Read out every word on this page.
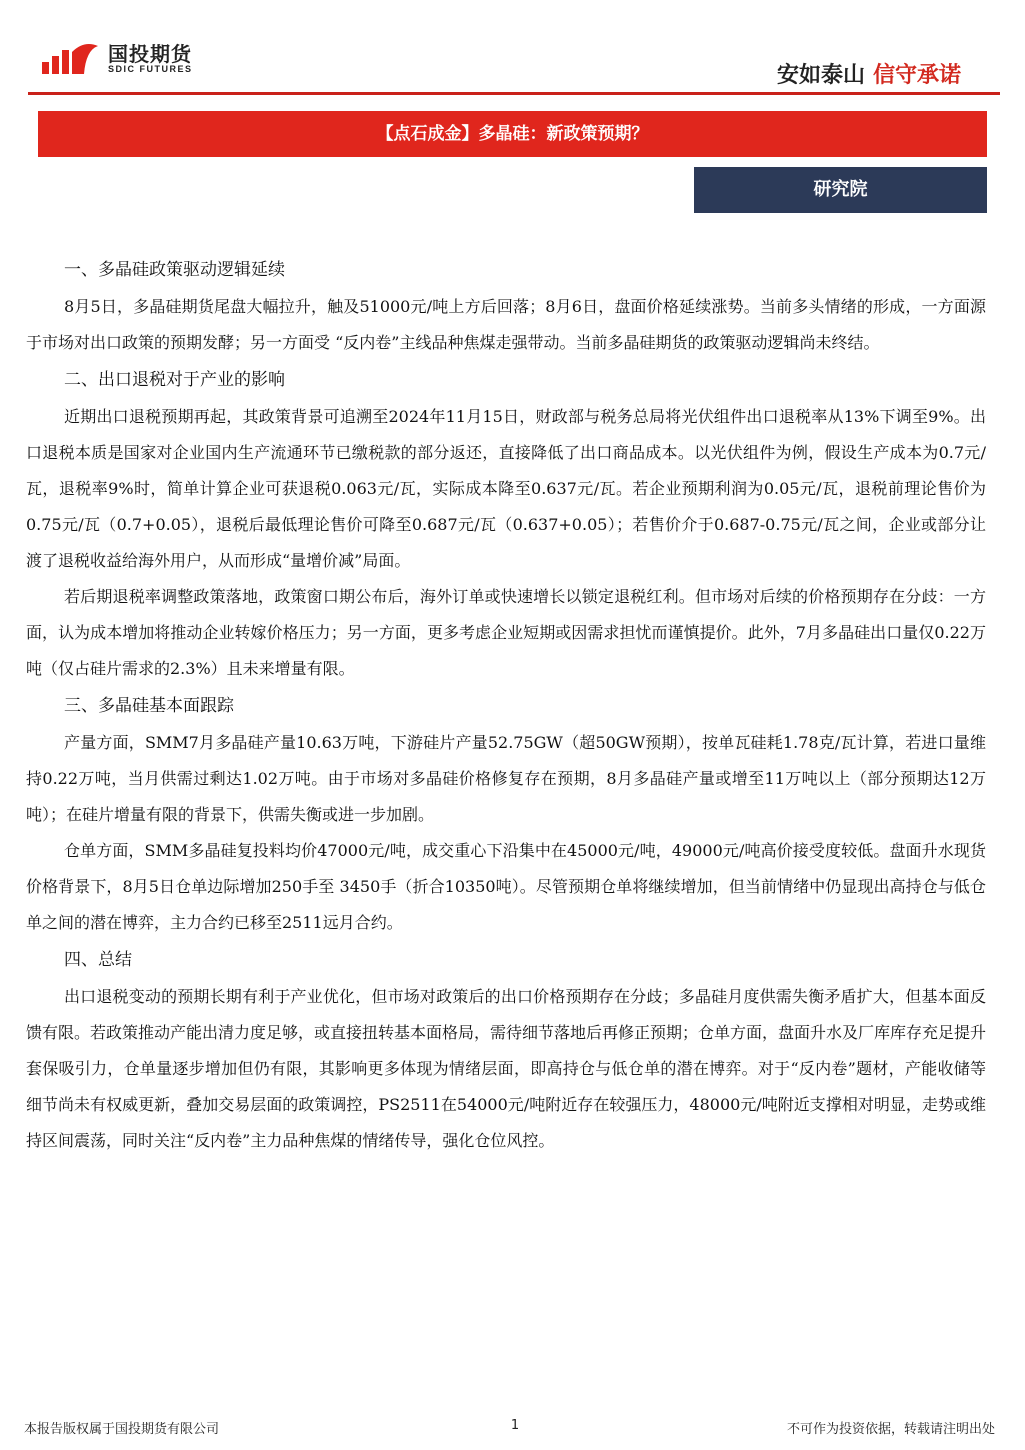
国投期货
SDIC FUTURES	安如泰山 信守承诺
【点石成金】多晶硅：新政策预期？
研究院
一、多晶硅政策驱动逻辑延续

8月5日，多晶硅期货尾盘大幅拉升，触及51000元/吨上方后回落；8月6日，盘面价格延续涨势。当前多头情绪的形成，一方面源于市场对出口政策的预期发酵；另一方面受 “反内卷”主线品种焦煤走强带动。当前多晶硅期货的政策驱动逻辑尚未终结。

二、出口退税对于产业的影响

近期出口退税预期再起，其政策背景可追溯至2024年11月15日，财政部与税务总局将光伏组件出口退税率从13%下调至9%。出口退税本质是国家对企业国内生产流通环节已缴税款的部分返还，直接降低了出口商品成本。以光伏组件为例，假设生产成本为0.7元/瓦，退税率9%时，简单计算企业可获退税0.063元/瓦，实际成本降至0.637元/瓦。若企业预期利润为0.05元/瓦，退税前理论售价为0.75元/瓦（0.7+0.05），退税后最低理论售价可降至0.687元/瓦（0.637+0.05）；若售价介于0.687-0.75元/瓦之间，企业或部分让渡了退税收益给海外用户，从而形成“量增价减”局面。

若后期退税率调整政策落地，政策窗口期公布后，海外订单或快速增长以锁定退税红利。但市场对后续的价格预期存在分歧：一方面，认为成本增加将推动企业转嫁价格压力；另一方面，更多考虑企业短期或因需求担忧而谨慎提价。此外，7月多晶硅出口量仅0.22万吨（仅占硅片需求的2.3%）且未来增量有限。

三、多晶硅基本面跟踪

产量方面，SMM7月多晶硅产量10.63万吨，下游硅片产量52.75GW（超50GW预期），按单瓦硅耗1.78克/瓦计算，若进口量维持0.22万吨，当月供需过剩达1.02万吨。由于市场对多晶硅价格修复存在预期，8月多晶硅产量或增至11万吨以上（部分预期达12万吨）；在硅片增量有限的背景下，供需失衡或进一步加剧。

仓单方面，SMM多晶硅复投料均价47000元/吨，成交重心下沿集中在45000元/吨，49000元/吨高价接受度较低。盘面升水现货价格背景下，8月5日仓单边际增加250手至 3450手（折合10350吨）。尽管预期仓单将继续增加，但当前情绪中仍显现出高持仓与低仓单之间的潜在博弈，主力合约已移至2511远月合约。

四、总结

出口退税变动的预期长期有利于产业优化，但市场对政策后的出口价格预期存在分歧；多晶硅月度供需失衡矛盾扩大，但基本面反馈有限。若政策推动产能出清力度足够，或直接扭转基本面格局，需待细节落地后再修正预期；仓单方面，盘面升水及厂库库存充足提升套保吸引力，仓单量逐步增加但仍有限，其影响更多体现为情绪层面，即高持仓与低仓单的潜在博弈。对于“反内卷”题材，产能收储等细节尚未有权威更新，叠加交易层面的政策调控，PS2511在54000元/吨附近存在较强压力，48000元/吨附近支撑相对明显，走势或维持区间震荡，同时关注“反内卷”主力品种焦煤的情绪传导，强化仓位风控。

本报告版权属于国投期货有限公司	1	不可作为投资依据，转载请注明出处
